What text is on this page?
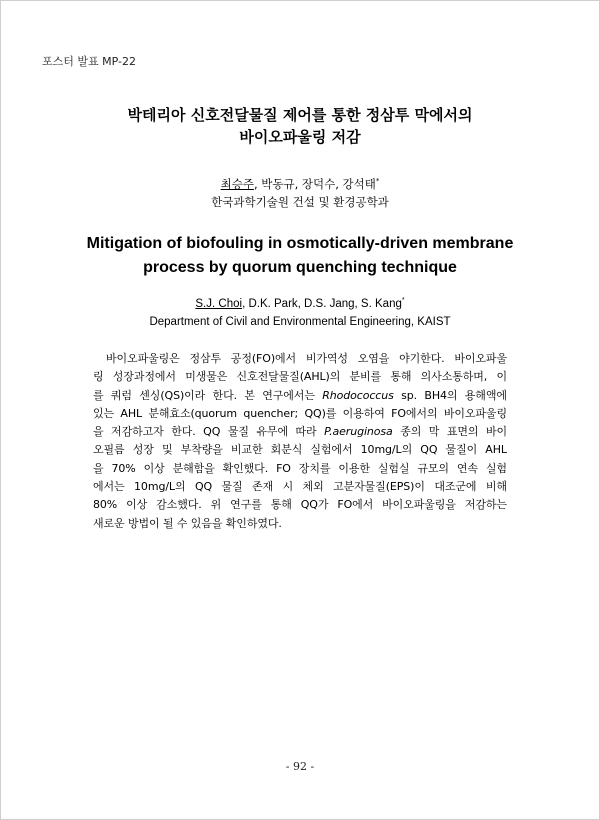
포스터 발표 MP-22
박테리아 신호전달물질 제어를 통한 정삼투 막에서의
바이오파울링 저감
최승주, 박동규, 장덕수, 강석태*
한국과학기술원 건설 및 환경공학과
Mitigation of biofouling in osmotically-driven membrane
process by quorum quenching technique
S.J. Choi, D.K. Park, D.S. Jang, S. Kang*
Department of Civil and Environmental Engineering, KAIST
바이오파울링은 정삼투 공정(FO)에서 비가역성 오염을 야기한다. 바이오파울
링 성장과정에서 미생물은 신호전달물질(AHL)의 분비를 통해 의사소통하며, 이
를 쿼럼 센싱(QS)이라 한다. 본 연구에서는 Rhodococcus sp. BH4의 용해액에
있는 AHL 분해효소(quorum quencher; QQ)를 이용하여 FO에서의 바이오파울링
을 저감하고자 한다. QQ 물질 유무에 따라 P.aeruginosa 종의 막 표면의 바이
오필름 성장 및 부착량을 비교한 회분식 실험에서 10mg/L의 QQ 물질이 AHL
을 70% 이상 분해함을 확인했다. FO 장치를 이용한 실험실 규모의 연속 실험
에서는 10mg/L의 QQ 물질 존재 시 체외 고분자물질(EPS)이 대조군에 비해
80% 이상 감소했다. 위 연구를 통해 QQ가 FO에서 바이오파울링을 저감하는
새로운 방법이 될 수 있음을 확인하였다.
- 92 -
